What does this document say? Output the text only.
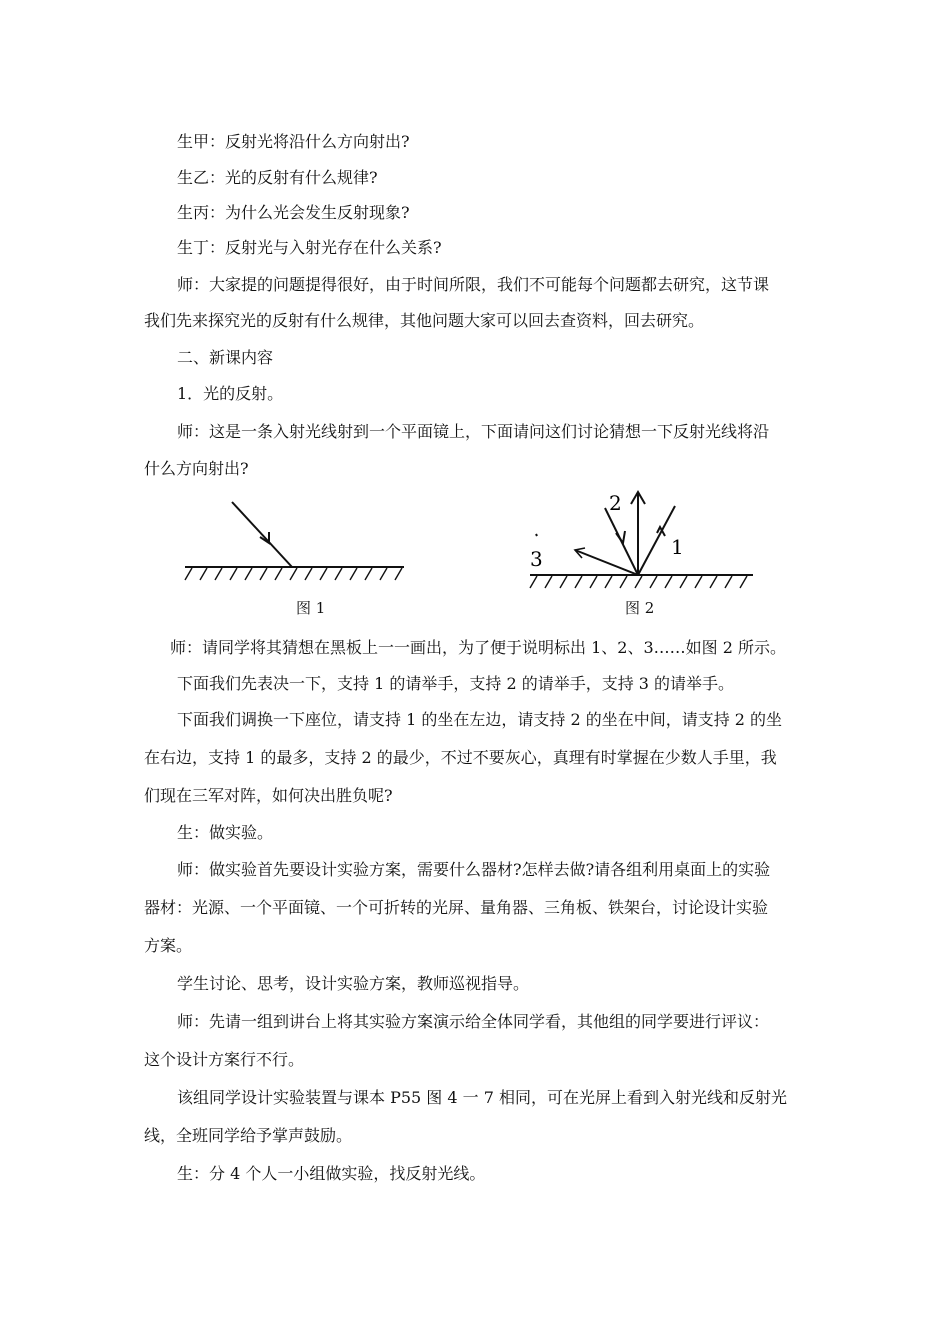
生甲：反射光将沿什么方向射出?

生乙：光的反射有什么规律?

生丙：为什么光会发生反射现象?

生丁：反射光与入射光存在什么关系?

师：大家提的问题提得很好，由于时间所限，我们不可能每个问题都去研究，这节课

我们先来探究光的反射有什么规律，其他问题大家可以回去查资料，回去研究。

二、新课内容

1．光的反射。

师：这是一条入射光线射到一个平面镜上，下面请问这们讨论猜想一下反射光线将沿

什么方向射出?

图 1
1
2
3
图 2

师：请同学将其猜想在黑板上一一画出，为了便于说明标出 1、2、3……如图 2 所示。

下面我们先表决一下，支持 1 的请举手，支持 2 的请举手，支持 3 的请举手。

下面我们调换一下座位，请支持 1 的坐在左边，请支持 2 的坐在中间，请支持 2 的坐

在右边，支持 1 的最多，支持 2 的最少，不过不要灰心，真理有时掌握在少数人手里，我

们现在三军对阵，如何决出胜负呢?

生：做实验。

师：做实验首先要设计实验方案，需要什么器材?怎样去做?请各组利用桌面上的实验

器材：光源、一个平面镜、一个可折转的光屏、量角器、三角板、铁架台，讨论设计实验

方案。

学生讨论、思考，设计实验方案，教师巡视指导。

师：先请一组到讲台上将其实验方案演示给全体同学看，其他组的同学要进行评议：

这个设计方案行不行。

该组同学设计实验装置与课本 P55 图 4 一 7 相同，可在光屏上看到入射光线和反射光

线，全班同学给予掌声鼓励。

生：分 4 个人一小组做实验，找反射光线。
